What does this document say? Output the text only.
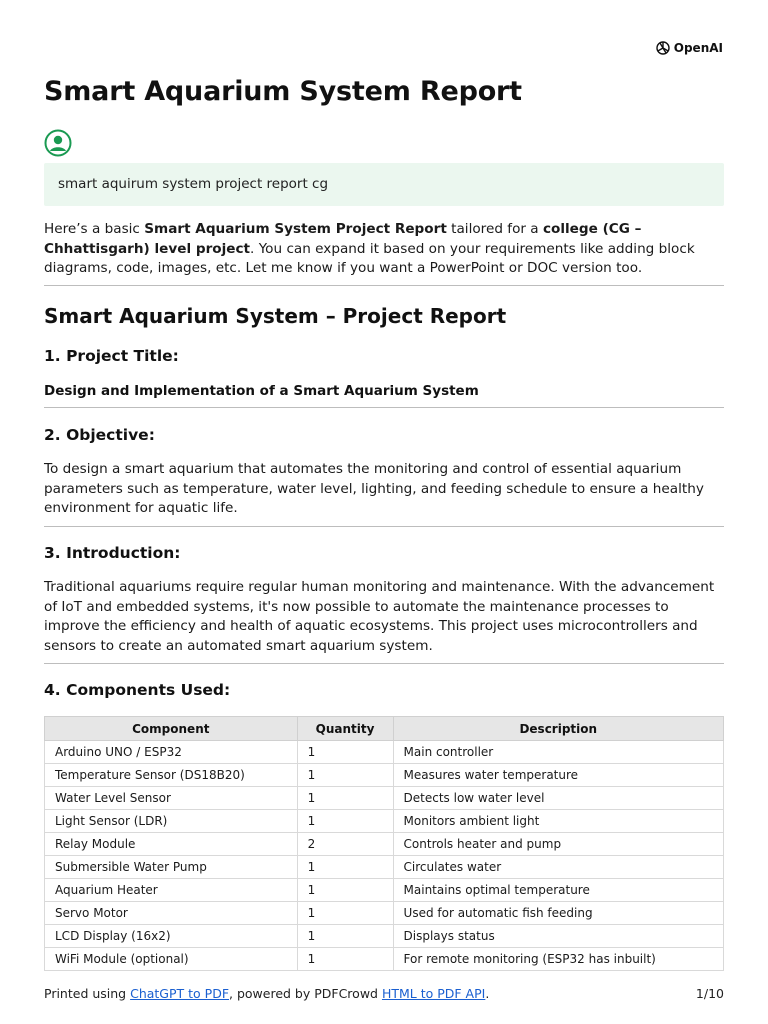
OpenAI
Smart Aquarium System Report
smart aquirum system project report cg

Here’s a basic Smart Aquarium System Project Report tailored for a college (CG – Chhattisgarh) level project. You can expand it based on your requirements like adding block diagrams, code, images, etc. Let me know if you want a PowerPoint or DOC version too.

Smart Aquarium System – Project Report
1. Project Title:
Design and Implementation of a Smart Aquarium System
2. Objective:

To design a smart aquarium that automates the monitoring and control of essential aquarium parameters such as temperature, water level, lighting, and feeding schedule to ensure a healthy environment for aquatic life.

3. Introduction:

Traditional aquariums require regular human monitoring and maintenance. With the advancement of IoT and embedded systems, it's now possible to automate the maintenance processes to improve the efficiency and health of aquatic ecosystems. This project uses microcontrollers and sensors to create an automated smart aquarium system.

4. Components Used:
Component	Quantity	Description
Arduino UNO / ESP32	1	Main controller
Temperature Sensor (DS18B20)	1	Measures water temperature
Water Level Sensor	1	Detects low water level
Light Sensor (LDR)	1	Monitors ambient light
Relay Module	2	Controls heater and pump
Submersible Water Pump	1	Circulates water
Aquarium Heater	1	Maintains optimal temperature
Servo Motor	1	Used for automatic fish feeding
LCD Display (16x2)	1	Displays status
WiFi Module (optional)	1	For remote monitoring (ESP32 has inbuilt)
Printed using ChatGPT to PDF, powered by PDFCrowd HTML to PDF API.	1/10
